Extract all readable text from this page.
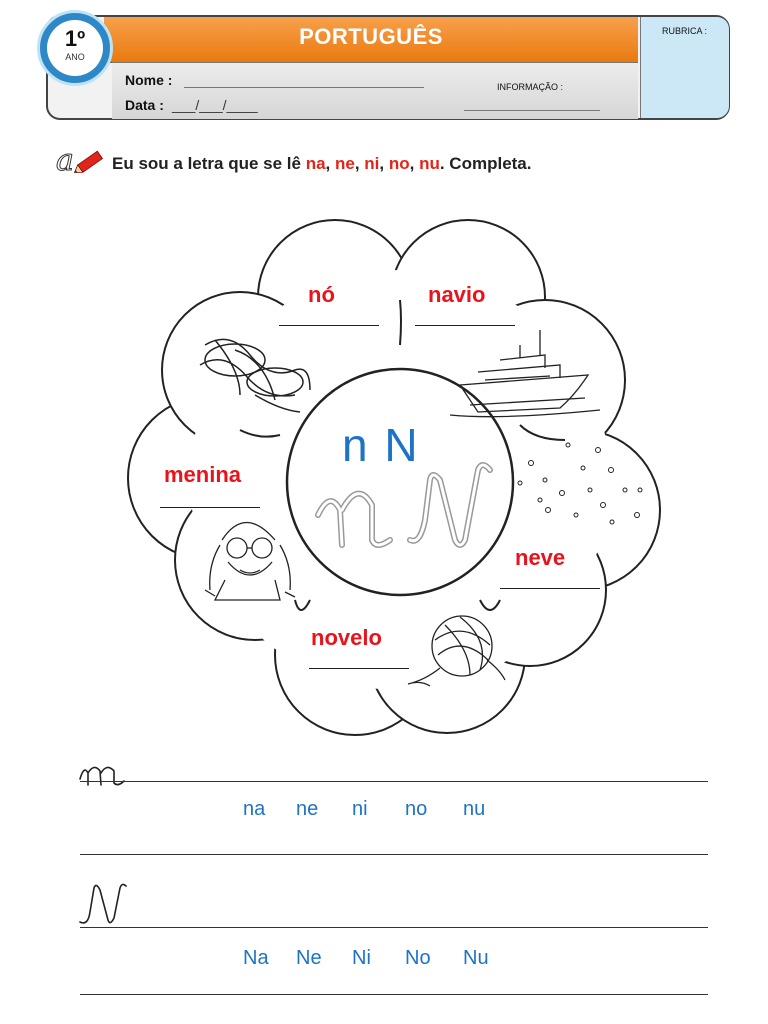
PORTUGUÊS
Nome :
Data : ___/___/____
INFORMAÇÃO :
RUBRICA :
1º
ANO
a Eu sou a letra que se lê na, ne, ni, no, nu. Completa.
nó	navio
menina
neve
novelo
n N
na ne ni no nu
Na Ne Ni No Nu
